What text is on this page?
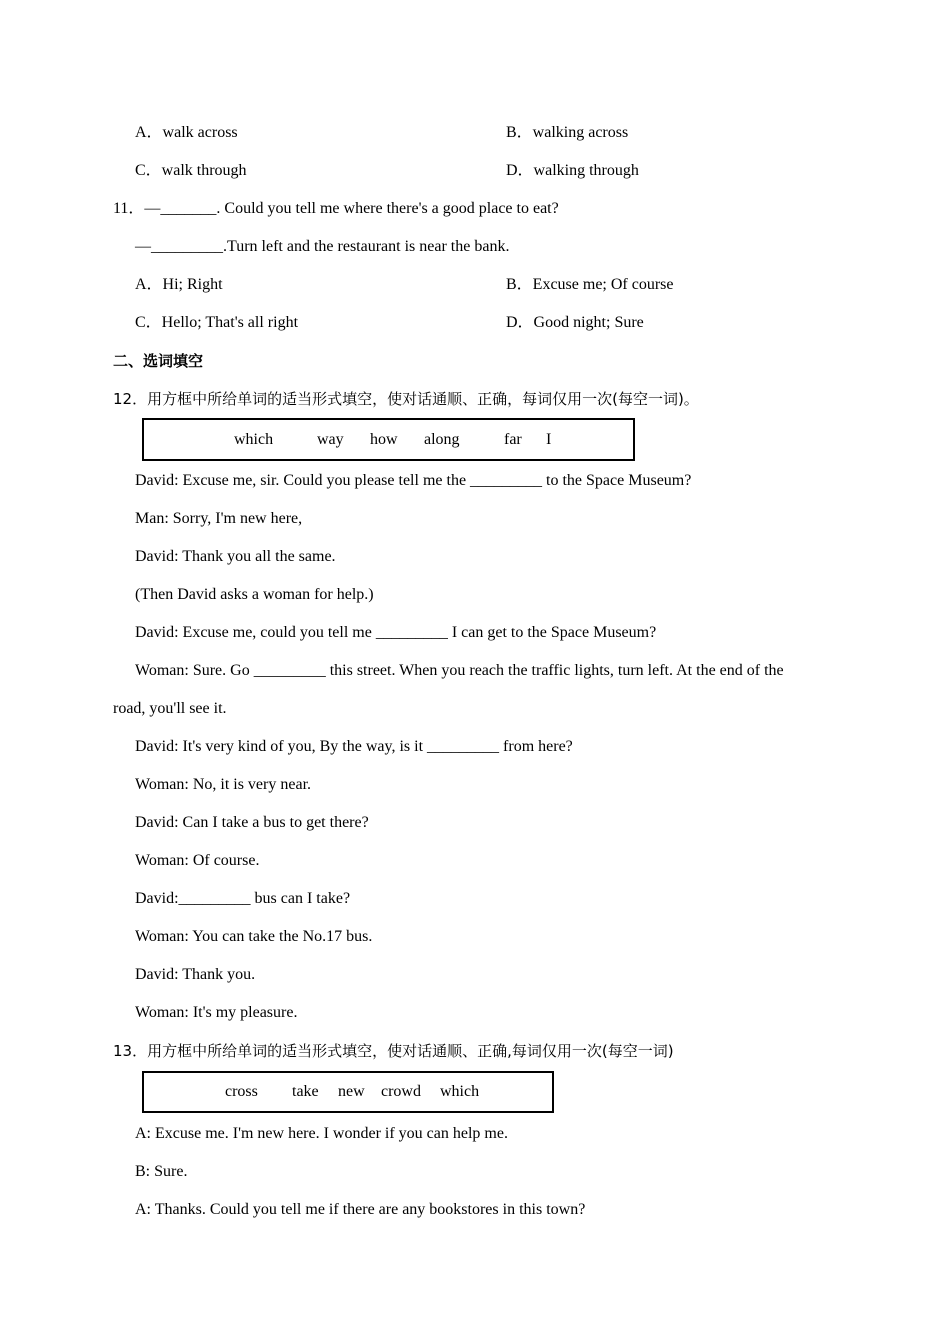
A．walk across	B．walking across
C．walk through	D．walking through
11．—_______. Could you tell me where there's a good place to eat?
—_________.Turn left and the restaurant is near the bank.
A．Hi; Right	B．Excuse me; Of course
C．Hello; That's all right	D．Good night; Sure
二、选词填空
12．用方框中所给单词的适当形式填空，使对话通顺、正确，每词仅用一次(每空一词)。
which	way how along	far I
David: Excuse me, sir. Could you please tell me the _________ to the Space Museum?
Man: Sorry, I'm new here,
David: Thank you all the same.
(Then David asks a woman for help.)
David: Excuse me, could you tell me _________ I can get to the Space Museum?
Woman: Sure. Go _________ this street. When you reach the traffic lights, turn left. At the end of the
road, you'll see it.
David: It's very kind of you, By the way, is it _________ from here?
Woman: No, it is very near.
David: Can I take a bus to get there?
Woman: Of course.
David:_________ bus can I take?
Woman: You can take the No.17 bus.
David: Thank you.
Woman: It's my pleasure.
13．用方框中所给单词的适当形式填空，使对话通顺、正确,每词仅用一次(每空一词)
cross take new crowd which
A: Excuse me. I'm new here. I wonder if you can help me.
B: Sure.
A: Thanks. Could you tell me if there are any bookstores in this town?
